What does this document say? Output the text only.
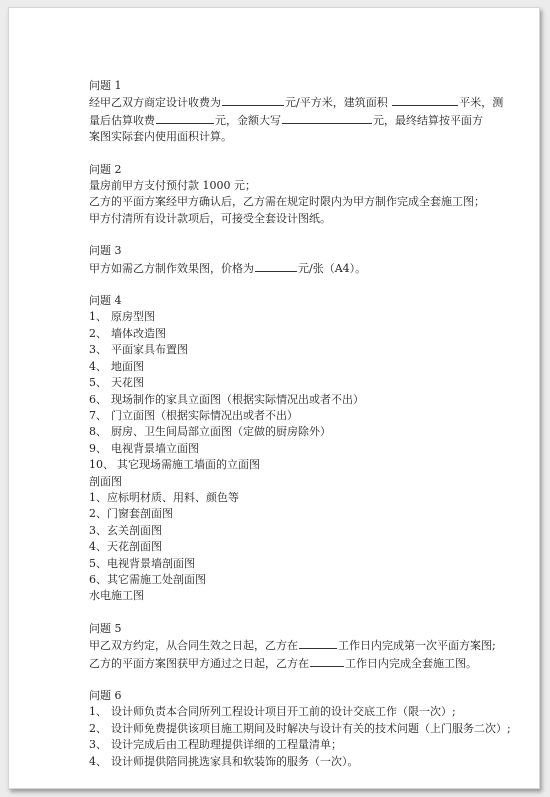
问题 1
经甲乙双方商定设计收费为	元/平方米，建筑面积	平米，测
量后估算收费	元，金额大写	元，最终结算按平面方
案图实际套内使用面积计算。
问题 2
量房前甲方支付预付款 1000 元；
乙方的平面方案经甲方确认后，乙方需在规定时限内为甲方制作完成全套施工图；
甲方付清所有设计款项后，可接受全套设计图纸。
问题 3
甲方如需乙方制作效果图，价格为	元/张（A4）。
问题 4
1、 原房型图
2、 墙体改造图
3、 平面家具布置图
4、 地面图
5、 天花图
6、 现场制作的家具立面图（根据实际情况出或者不出）
7、 门立面图（根据实际情况出或者不出）
8、 厨房、卫生间局部立面图（定做的厨房除外）
9、 电视背景墙立面图
10、 其它现场需施工墙面的立面图
剖面图
1、应标明材质、用料、颜色等
2、门窗套剖面图
3、玄关剖面图
4、天花剖面图
5、电视背景墙剖面图
6、其它需施工处剖面图
水电施工图
问题 5
甲乙双方约定，从合同生效之日起，乙方在	工作日内完成第一次平面方案图;
乙方的平面方案图获甲方通过之日起，乙方在	工作日内完成全套施工图。
问题 6
1、 设计师负责本合同所列工程设计项目开工前的设计交底工作（限一次）;
2、 设计师免费提供该项目施工期间及时解决与设计有关的技术问题（上门服务二次）;
3、 设计完成后由工程助理提供详细的工程量清单；
4、 设计师提供陪同挑选家具和软装饰的服务（一次）。
